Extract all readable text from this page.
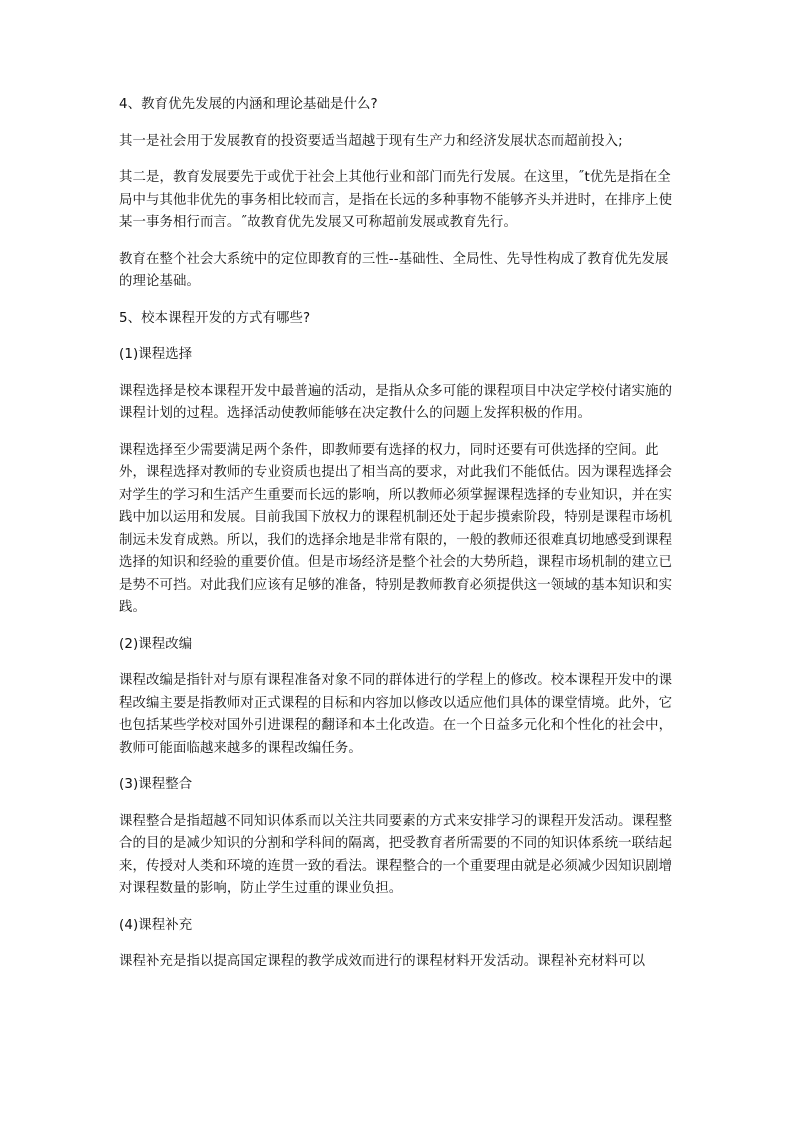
4、教育优先发展的内涵和理论基础是什么?

其一是社会用于发展教育的投资要适当超越于现有生产力和经济发展状态而超前投入;

其二是，教育发展要先于或优于社会上其他行业和部门而先行发展。在这里，˝t优先是指在全局中与其他非优先的事务相比较而言，是指在长远的多种事物不能够齐头并进时，在排序上使某一事务相行而言。˝故教育优先发展又可称超前发展或教育先行。

教育在整个社会大系统中的定位即教育的三性--基础性、全局性、先导性构成了教育优先发展的理论基础。

5、校本课程开发的方式有哪些?

(1)课程选择

课程选择是校本课程开发中最普遍的活动，是指从众多可能的课程项目中决定学校付诸实施的课程计划的过程。选择活动使教师能够在决定教什么的问题上发挥积极的作用。

课程选择至少需要满足两个条件，即教师要有选择的权力，同时还要有可供选择的空间。此外，课程选择对教师的专业资质也提出了相当高的要求，对此我们不能低估。因为课程选择会对学生的学习和生活产生重要而长远的影响，所以教师必须掌握课程选择的专业知识，并在实践中加以运用和发展。目前我国下放权力的课程机制还处于起步摸索阶段，特别是课程市场机制远未发育成熟。所以，我们的选择余地是非常有限的，一般的教师还很难真切地感受到课程选择的知识和经验的重要价值。但是市场经济是整个社会的大势所趋，课程市场机制的建立已是势不可挡。对此我们应该有足够的准备，特别是教师教育必须提供这一领域的基本知识和实践。

(2)课程改编

课程改编是指针对与原有课程准备对象不同的群体进行的学程上的修改。校本课程开发中的课程改编主要是指教师对正式课程的目标和内容加以修改以适应他们具体的课堂情境。此外，它也包括某些学校对国外引进课程的翻译和本土化改造。在一个日益多元化和个性化的社会中，教师可能面临越来越多的课程改编任务。

(3)课程整合

课程整合是指超越不同知识体系而以关注共同要素的方式来安排学习的课程开发活动。课程整合的目的是减少知识的分割和学科间的隔离，把受教育者所需要的不同的知识体系统一联结起来，传授对人类和环境的连贯一致的看法。课程整合的一个重要理由就是必须减少因知识剧增对课程数量的影响，防止学生过重的课业负担。

(4)课程补充

课程补充是指以提高国定课程的教学成效而进行的课程材料开发活动。课程补充材料可以
